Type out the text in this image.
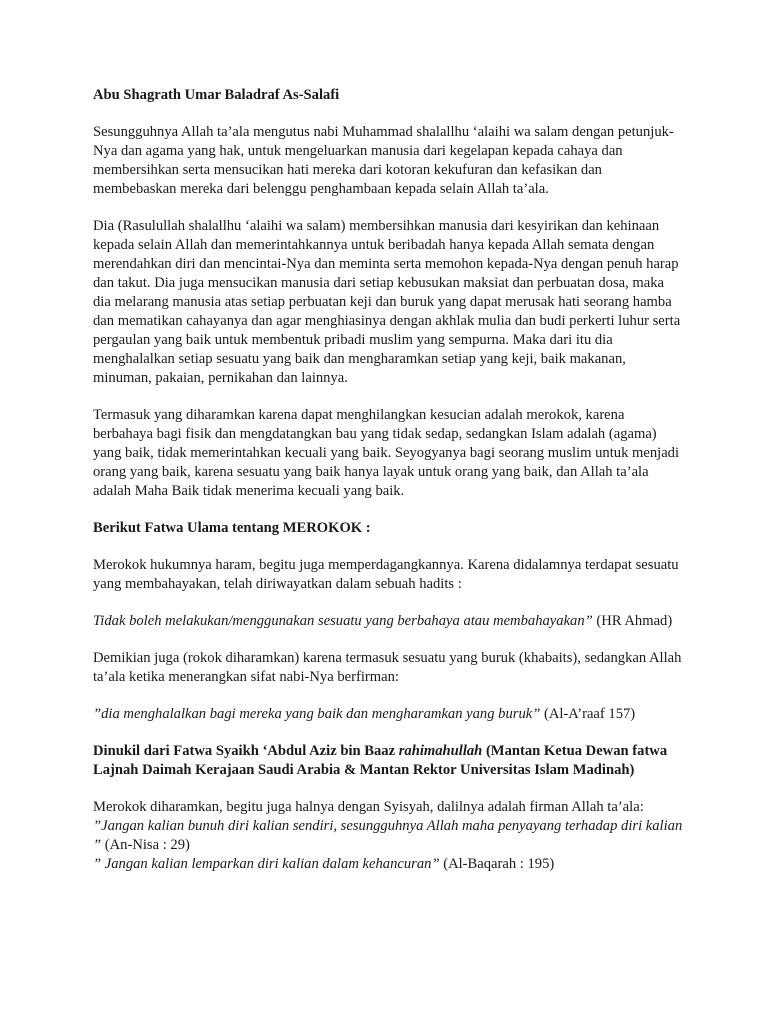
Abu Shagrath Umar Baladraf As-Salafi

Sesungguhnya Allah ta’ala mengutus nabi Muhammad shalallhu ‘alaihi wa salam dengan petunjuk-Nya dan agama yang hak, untuk mengeluarkan manusia dari kegelapan kepada cahaya dan membersihkan serta mensucikan hati mereka dari kotoran kekufuran dan kefasikan dan membebaskan mereka dari belenggu penghambaan kepada selain Allah ta’ala.

Dia (Rasulullah shalallhu ‘alaihi wa salam) membersihkan manusia dari kesyirikan dan kehinaan kepada selain Allah dan memerintahkannya untuk beribadah hanya kepada Allah semata dengan merendahkan diri dan mencintai-Nya dan meminta serta memohon kepada-Nya dengan penuh harap dan takut. Dia juga mensucikan manusia dari setiap kebusukan maksiat dan perbuatan dosa, maka dia melarang manusia atas setiap perbuatan keji dan buruk yang dapat merusak hati seorang hamba dan mematikan cahayanya dan agar menghiasinya dengan akhlak mulia dan budi perkerti luhur serta pergaulan yang baik untuk membentuk pribadi muslim yang sempurna. Maka dari itu dia menghalalkan setiap sesuatu yang baik dan mengharamkan setiap yang keji, baik makanan, minuman, pakaian, pernikahan dan lainnya.

Termasuk yang diharamkan karena dapat menghilangkan kesucian adalah merokok, karena berbahaya bagi fisik dan mengdatangkan bau yang tidak sedap, sedangkan Islam adalah (agama) yang baik, tidak memerintahkan kecuali yang baik. Seyogyanya bagi seorang muslim untuk menjadi orang yang baik, karena sesuatu yang baik hanya layak untuk orang yang baik, dan Allah ta’ala adalah Maha Baik tidak menerima kecuali yang baik.

Berikut Fatwa Ulama tentang MEROKOK :

Merokok hukumnya haram, begitu juga memperdagangkannya. Karena didalamnya terdapat sesuatu yang membahayakan, telah diriwayatkan dalam sebuah hadits :

Tidak boleh melakukan/menggunakan sesuatu yang berbahaya atau membahayakan” (HR Ahmad)

Demikian juga (rokok diharamkan) karena termasuk sesuatu yang buruk (khabaits), sedangkan Allah ta’ala ketika menerangkan sifat nabi-Nya berfirman:

”dia menghalalkan bagi mereka yang baik dan mengharamkan yang buruk” (Al-A’raaf 157)

Dinukil dari Fatwa Syaikh ‘Abdul Aziz bin Baaz rahimahullah (Mantan Ketua Dewan fatwa Lajnah Daimah Kerajaan Saudi Arabia & Mantan Rektor Universitas Islam Madinah)

Merokok diharamkan, begitu juga halnya dengan Syisyah, dalilnya adalah firman Allah ta’ala:

”Jangan kalian bunuh diri kalian sendiri, sesungguhnya Allah maha penyayang terhadap diri kalian ” (An-Nisa : 29)

” Jangan kalian lemparkan diri kalian dalam kehancuran” (Al-Baqarah : 195)
